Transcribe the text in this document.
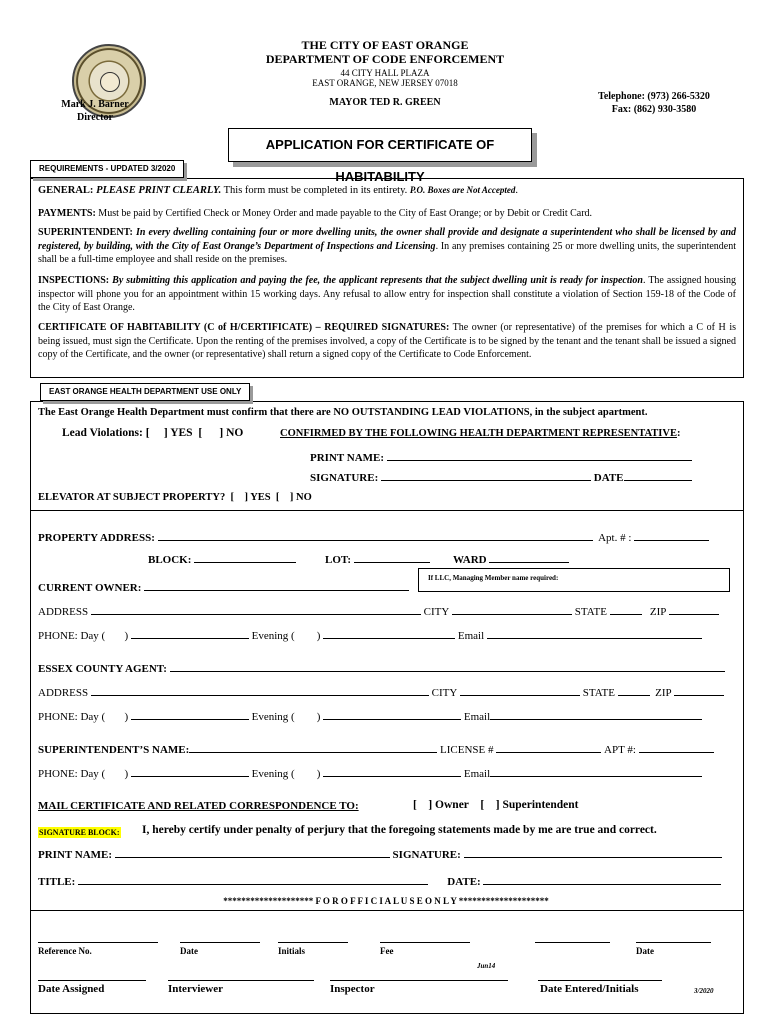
THE CITY OF EAST ORANGE
DEPARTMENT OF CODE ENFORCEMENT
44 CITY HALL PLAZA
EAST ORANGE, NEW JERSEY 07018
MAYOR TED R. GREEN
Mark J. Barner
Director
Telephone: (973) 266-5320
Fax: (862) 930-3580
APPLICATION FOR CERTIFICATE OF HABITABILITY
REQUIREMENTS - UPDATED 3/2020
GENERAL: PLEASE PRINT CLEARLY. This form must be completed in its entirety. P.O. Boxes are Not Accepted.
PAYMENTS: Must be paid by Certified Check or Money Order and made payable to the City of East Orange; or by Debit or Credit Card.
SUPERINTENDENT: In every dwelling containing four or more dwelling units, the owner shall provide and designate a superintendent who shall be licensed by and registered, by building, with the City of East Orange’s Department of Inspections and Licensing. In any premises containing 25 or more dwelling units, the superintendent shall be a full-time employee and shall reside on the premises.
INSPECTIONS: By submitting this application and paying the fee, the applicant represents that the subject dwelling unit is ready for inspection. The assigned housing inspector will phone you for an appointment within 15 working days. Any refusal to allow entry for inspection shall constitute a violation of Section 159-18 of the Code of the City of East Orange.
CERTIFICATE OF HABITABILITY (C of H/CERTIFICATE) – REQUIRED SIGNATURES: The owner (or representative) of the premises for which a C of H is being issued, must sign the Certificate. Upon the renting of the premises involved, a copy of the Certificate is to be signed by the tenant and the tenant shall be issued a signed copy of the Certificate, and the owner (or representative) shall return a signed copy of the Certificate to Code Enforcement.
EAST ORANGE HEALTH DEPARTMENT USE ONLY
The East Orange Health Department must confirm that there are NO OUTSTANDING LEAD VIOLATIONS, in the subject apartment.
Lead Violations: [     ] YES  [      ] NO	CONFIRMED BY THE FOLLOWING HEALTH DEPARTMENT REPRESENTATIVE:
PRINT NAME:
SIGNATURE:	DATE
ELEVATOR AT SUBJECT PROPERTY?  [    ] YES  [    ] NO
PROPERTY ADDRESS:	Apt. # :
BLOCK:	LOT:	WARD
If LLC, Managing Member name required:
CURRENT OWNER:
ADDRESS	CITY	STATE	ZIP
PHONE: Day (       )	Evening (        )	Email
ESSEX COUNTY AGENT:
ADDRESS	CITY	STATE	ZIP
PHONE: Day (       )	Evening (        )	Email
SUPERINTENDENT’S NAME:	LICENSE #	APT #:
PHONE: Day (       )	Evening (        )	Email
MAIL CERTIFICATE AND RELATED CORRESPONDENCE TO:	[    ] Owner    [    ] Superintendent
SIGNATURE BLOCK: I, hereby certify under penalty of perjury that the foregoing statements made by me are true and correct.
PRINT NAME:	SIGNATURE:
TITLE:	DATE:
******************** F O R O F F I C I A L U S E O N L Y ********************
Reference No.	Date	Initials	Fee	Date
Jun14
Date Assigned	Interviewer	Inspector	Date Entered/Initials	3/2020
